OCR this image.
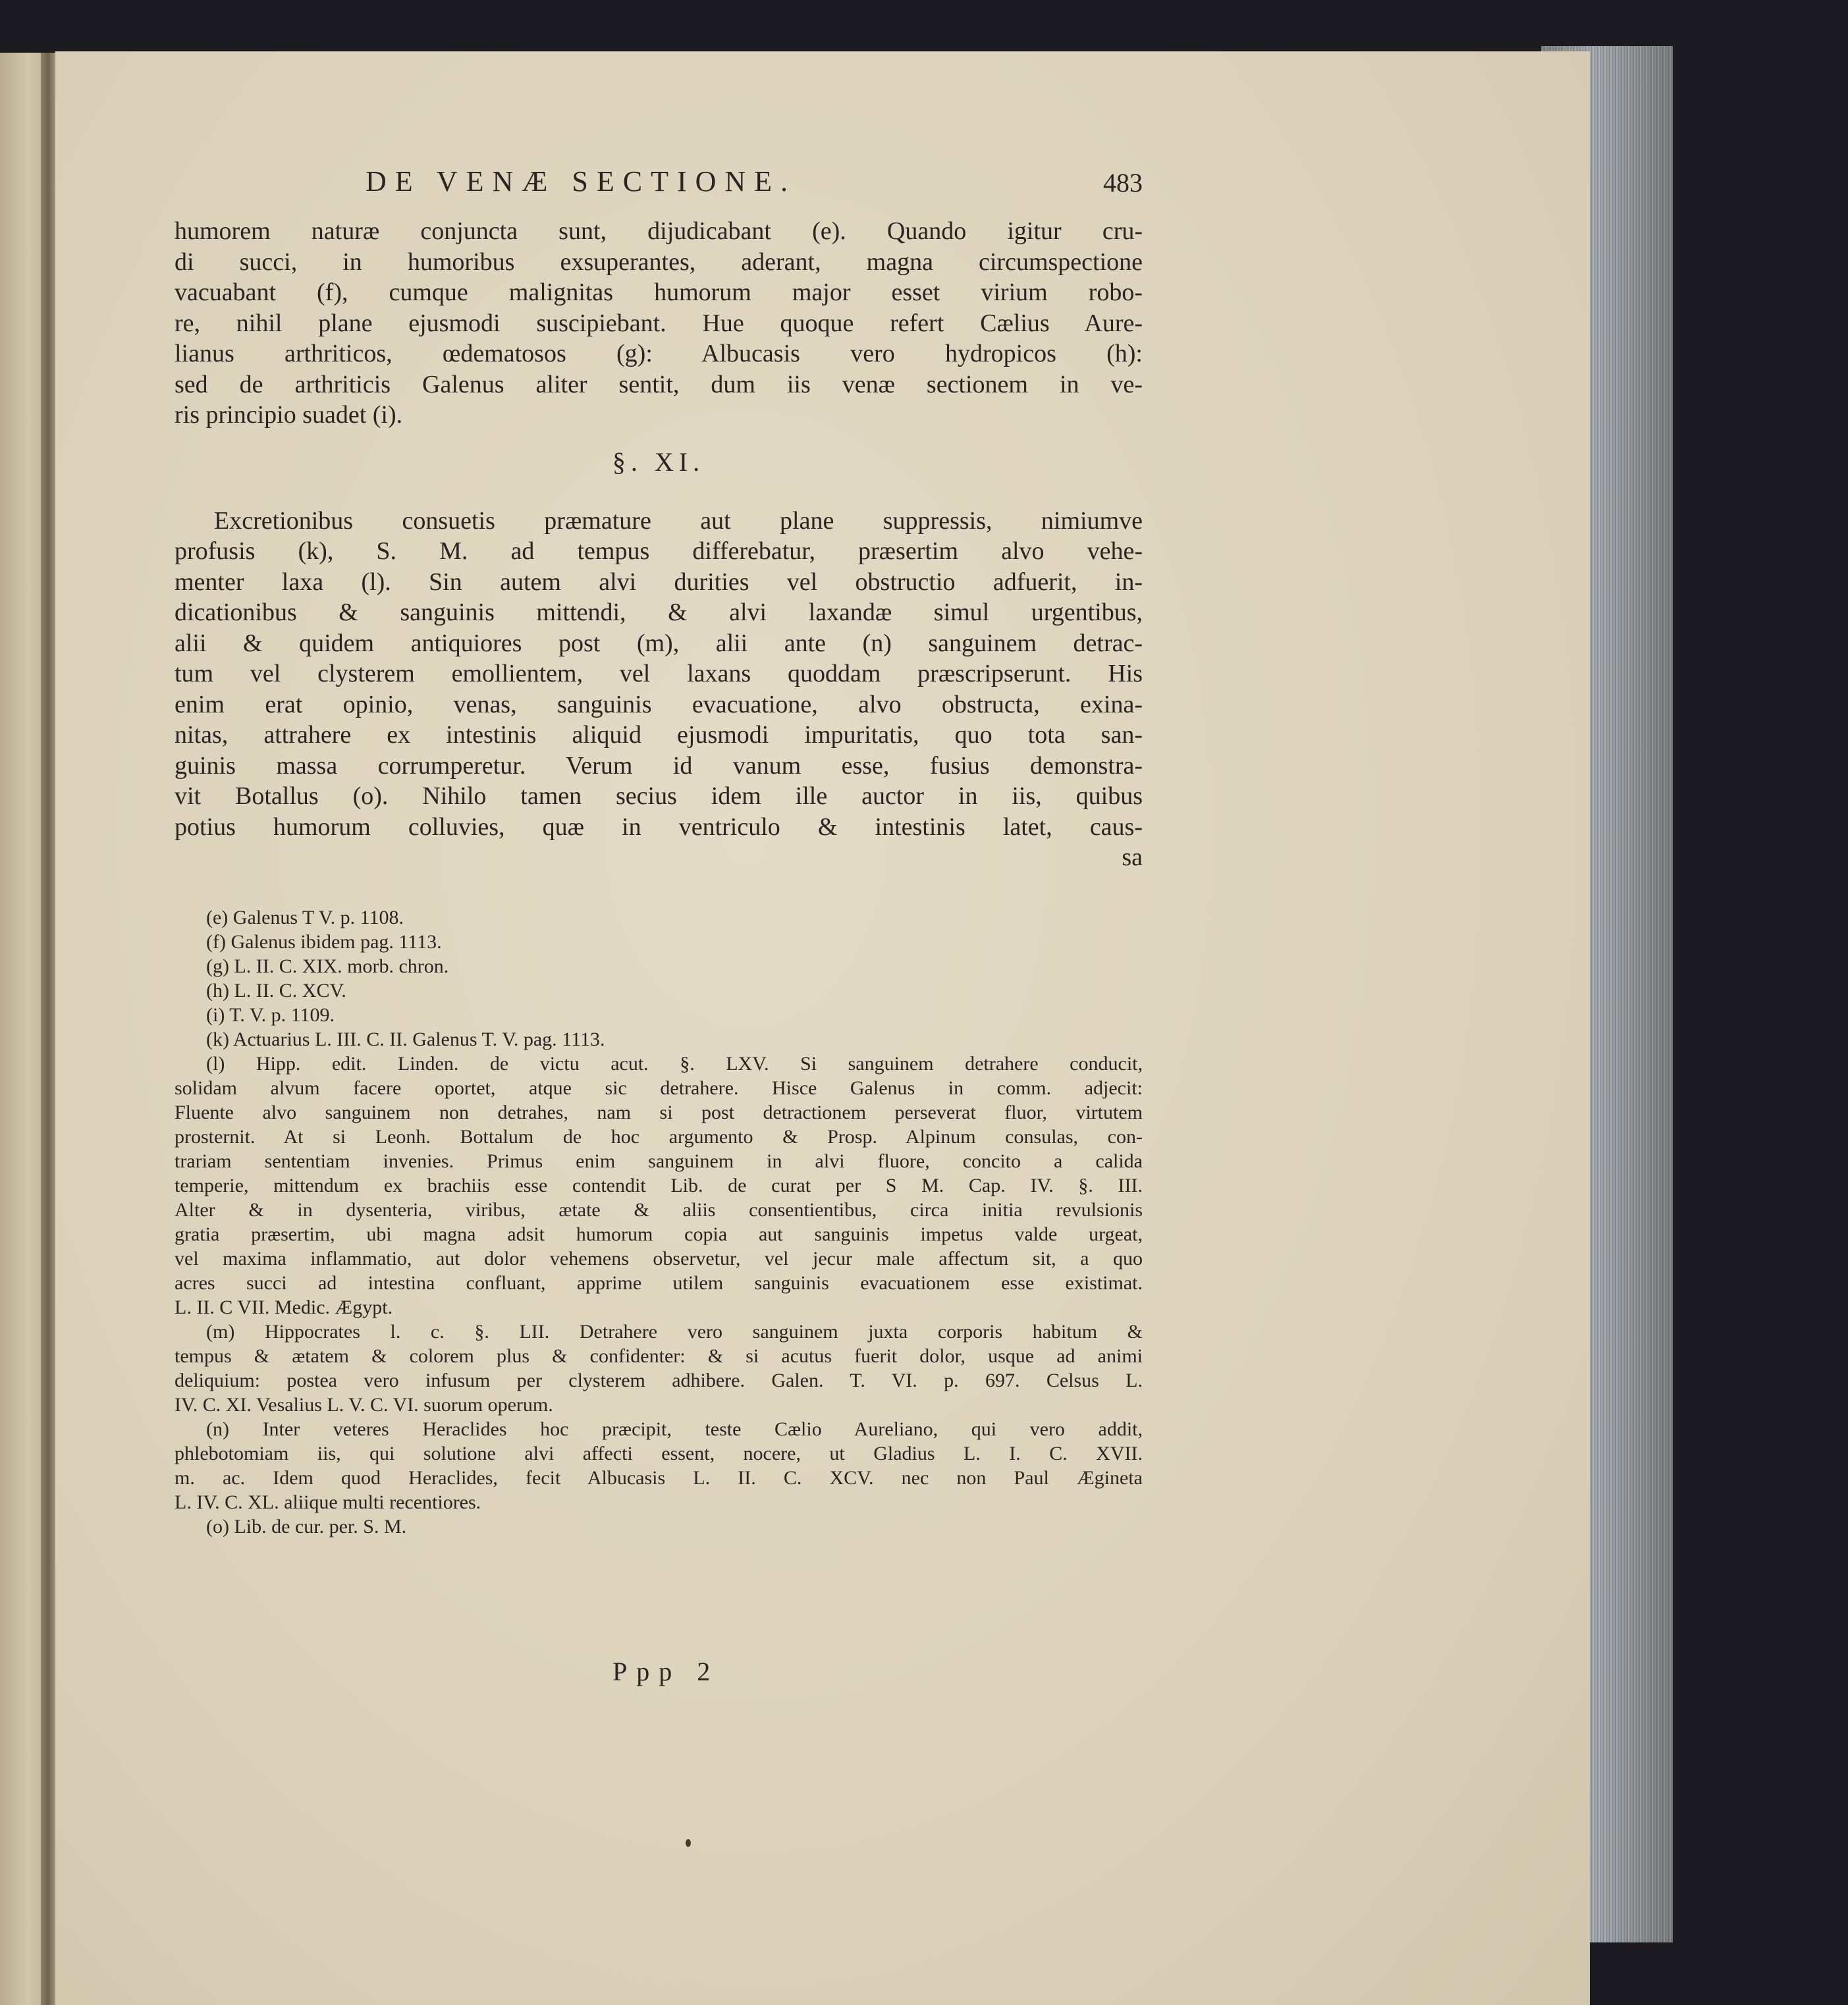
DE VENÆ SECTIONE.	483
humorem naturæ conjuncta sunt, dijudicabant (e). Quando igitur cru-
di succi, in humoribus exsuperantes, aderant, magna circumspectione
vacuabant (f), cumque malignitas humorum major esset virium robo-
re, nihil plane ejusmodi suscipiebant. Hue quoque refert Cælius Aure-
lianus arthriticos, œdematosos (g): Albucasis vero hydropicos (h):
sed de arthriticis Galenus aliter sentit, dum iis venæ sectionem in ve-
ris principio suadet (i).
§. XI.
Excretionibus consuetis præmature aut plane suppressis, nimiumve
profusis (k), S. M. ad tempus differebatur, præsertim alvo vehe-
menter laxa (l). Sin autem alvi durities vel obstructio adfuerit, in-
dicationibus & sanguinis mittendi, & alvi laxandæ simul urgentibus,
alii & quidem antiquiores post (m), alii ante (n) sanguinem detrac-
tum vel clysterem emollientem, vel laxans quoddam præscripserunt. His
enim erat opinio, venas, sanguinis evacuatione, alvo obstructa, exina-
nitas, attrahere ex intestinis aliquid ejusmodi impuritatis, quo tota san-
guinis massa corrumperetur. Verum id vanum esse, fusius demonstra-
vit Botallus (o). Nihilo tamen secius idem ille auctor in iis, quibus
potius humorum colluvies, quæ in ventriculo & intestinis latet, caus-
sa
(e) Galenus T V. p. 1108.
(f) Galenus ibidem pag. 1113.
(g) L. II. C. XIX. morb. chron.
(h) L. II. C. XCV.
(i) T. V. p. 1109.
(k) Actuarius L. III. C. II. Galenus T. V. pag. 1113.
(l) Hipp. edit. Linden. de victu acut. §. LXV. Si sanguinem detrahere conducit,
solidam alvum facere oportet, atque sic detrahere. Hisce Galenus in comm. adjecit:
Fluente alvo sanguinem non detrahes, nam si post detractionem perseverat fluor, virtutem
prosternit. At si Leonh. Bottalum de hoc argumento & Prosp. Alpinum consulas, con-
trariam sententiam invenies. Primus enim sanguinem in alvi fluore, concito a calida
temperie, mittendum ex brachiis esse contendit Lib. de curat per S M. Cap. IV. §. III.
Alter & in dysenteria, viribus, ætate & aliis consentientibus, circa initia revulsionis
gratia præsertim, ubi magna adsit humorum copia aut sanguinis impetus valde urgeat,
vel maxima inflammatio, aut dolor vehemens observetur, vel jecur male affectum sit, a quo
acres succi ad intestina confluant, apprime utilem sanguinis evacuationem esse existimat.
L. II. C VII. Medic. Ægypt.
(m) Hippocrates l. c. §. LII. Detrahere vero sanguinem juxta corporis habitum &
tempus & ætatem & colorem plus & confidenter: & si acutus fuerit dolor, usque ad animi
deliquium: postea vero infusum per clysterem adhibere. Galen. T. VI. p. 697. Celsus L.
IV. C. XI. Vesalius L. V. C. VI. suorum operum.
(n) Inter veteres Heraclides hoc præcipit, teste Cælio Aureliano, qui vero addit,
phlebotomiam iis, qui solutione alvi affecti essent, nocere, ut Gladius L. I. C. XVII.
m. ac. Idem quod Heraclides, fecit Albucasis L. II. C. XCV. nec non Paul Ægineta
L. IV. C. XL. aliique multi recentiores.
(o) Lib. de cur. per. S. M.
Ppp 2
